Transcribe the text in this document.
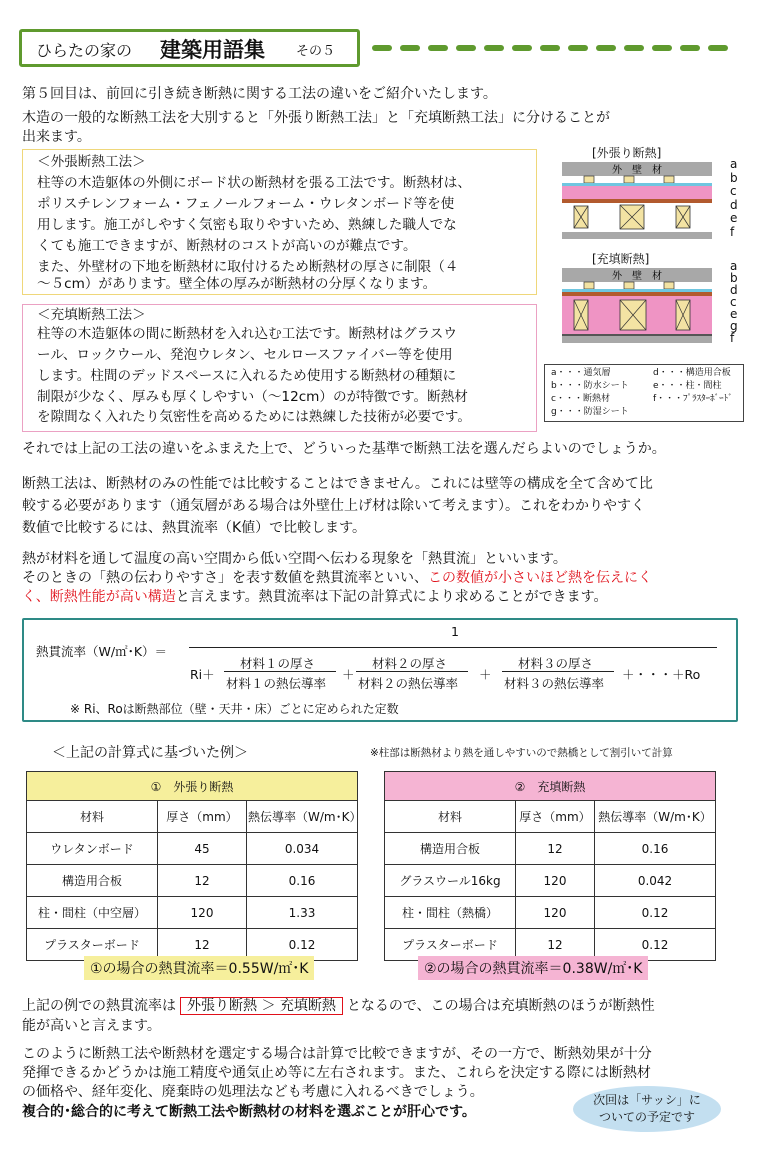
ひらたの家の 建築用語集 その５
第５回目は、前回に引き続き断熱に関する工法の違いをご紹介いたします。
木造の一般的な断熱工法を大別すると「外張り断熱工法」と「充填断熱工法」に分けることが
出来ます。
＜外張断熱工法＞
柱等の木造躯体の外側にボード状の断熱材を張る工法です。断熱材は、
ポリスチレンフォーム・フェノールフォーム・ウレタンボード等を使
用します。施工がしやすく気密も取りやすいため、熟練した職人でな
くても施工できますが、断熱材のコストが高いのが難点です。
また、外壁材の下地を断熱材に取付けるため断熱材の厚さに制限（４
～５cm）があります。壁全体の厚みが断熱材の分厚くなります。
＜充填断熱工法＞
柱等の木造躯体の間に断熱材を入れ込む工法です。断熱材はグラスウ
ール、ロックウール、発泡ウレタン、セルロースファイバー等を使用
します。柱間のデッドスペースに入れるため使用する断熱材の種類に
制限が少なく、厚みも厚くしやすい（～12cm）のが特徴です。断熱材
を隙間なく入れたり気密性を高めるためには熟練した技術が必要です。
[外張り断熱]
外　壁　材	a
b
c
d
e
f
[充填断熱]
外　壁　材
a
b
d
c
e
g
f
a・・・通気層	d・・・構造用合板
b・・・防水シート	e・・・柱・間柱
c・・・断熱材	f・・・ﾌﾟﾗｽﾀｰﾎﾞｰﾄﾞ
g・・・防湿シート
それでは上記の工法の違いをふまえた上で、どういった基準で断熱工法を選んだらよいのでしょうか。
断熱工法は、断熱材のみの性能では比較することはできません。これには壁等の構成を全て含めて比
較する必要があります（通気層がある場合は外壁仕上げ材は除いて考えます）。これをわかりやすく
数値で比較するには、熱貫流率（K値）で比較します。
熱が材料を通して温度の高い空間から低い空間へ伝わる現象を「熱貫流」といいます。
そのときの「熱の伝わりやすさ」を表す数値を熱貫流率といい、この数値が小さいほど熱を伝えにく
く、断熱性能が高い構造と言えます。熱貫流率は下記の計算式により求めることができます。
熱貫流率（W/㎡･K）＝
1
Ri＋
材料１の厚さ
材料１の熱伝導率
＋
材料２の厚さ
材料２の熱伝導率
＋
材料３の厚さ
材料３の熱伝導率
＋・・・＋Ro
※ Ri、Roは断熱部位（壁・天井・床）ごとに定められた定数
＜上記の計算式に基づいた例＞	※柱部は断熱材より熱を通しやすいので熱橋として割引いて計算
①　外張り断熱		
材料	厚さ（mm）	熱伝導率（W/m･K）
ウレタンボード	45	0.034
構造用合板	12	0.16
柱・間柱（中空層）	120	1.33
プラスターボード	12	0.12
②　充填断熱		
材料	厚さ（mm）	熱伝導率（W/m･K）
構造用合板	12	0.16
グラスウール16kg	120	0.042
柱・間柱（熱橋）	120	0.12
プラスターボード	12	0.12
①の場合の熱貫流率＝0.55W/㎡･K	②の場合の熱貫流率＝0.38W/㎡･K
上記の例での熱貫流率は 外張り断熱 ＞ 充填断熱 となるので、この場合は充填断熱のほうが断熱性
能が高いと言えます。
このように断熱工法や断熱材を選定する場合は計算で比較できますが、その一方で、断熱効果が十分
発揮できるかどうかは施工精度や通気止め等に左右されます。また、これらを決定する際には断熱材
の価格や、経年変化、廃棄時の処理法なども考慮に入れるべきでしょう。
複合的･総合的に考えて断熱工法や断熱材の材料を選ぶことが肝心です。
次回は「サッシ」に
ついての予定です
